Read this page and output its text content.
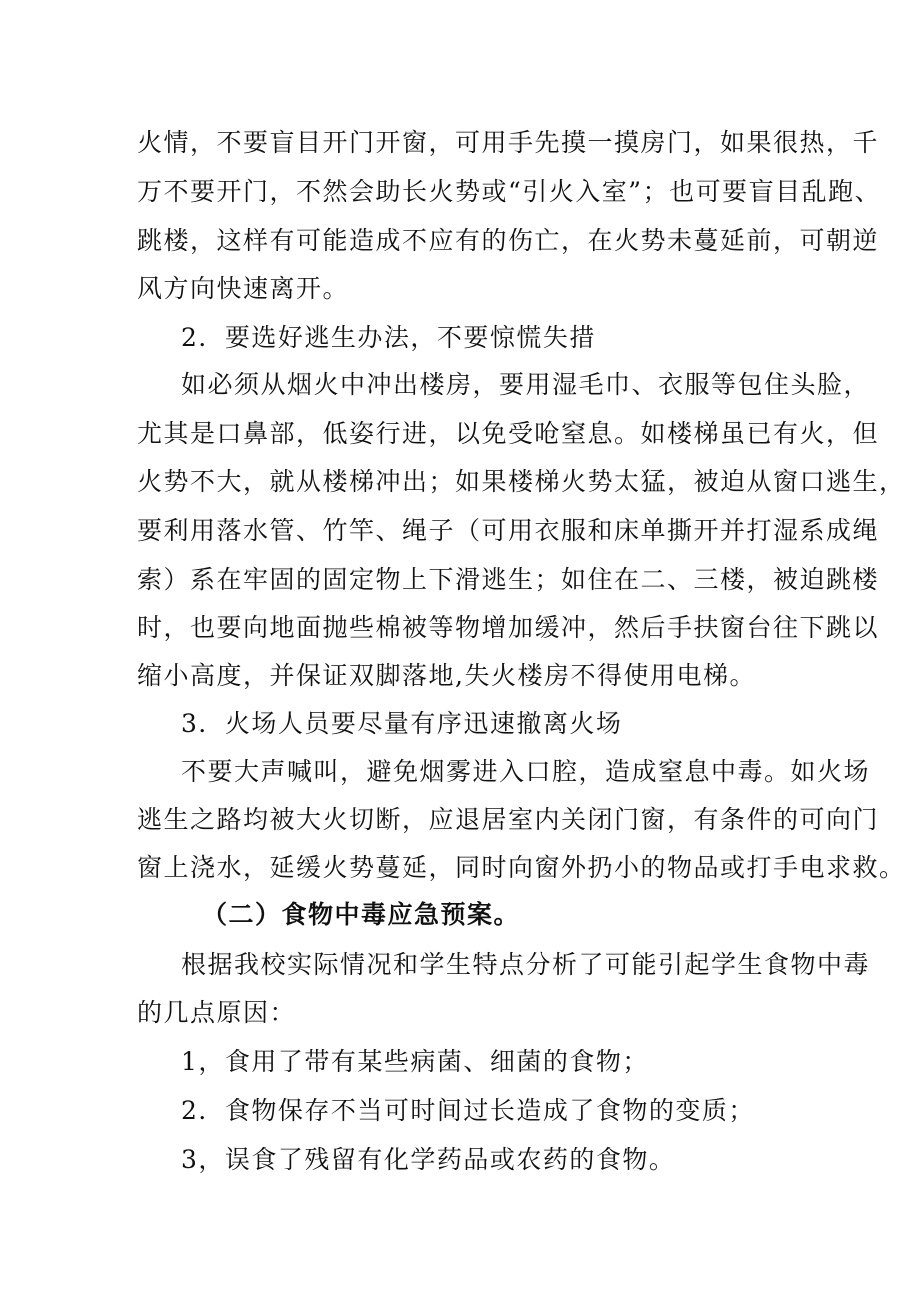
火情，不要盲目开门开窗，可用手先摸一摸房门，如果很热，千
万不要开门，不然会助长火势或“引火入室”；也可要盲目乱跑、
跳楼，这样有可能造成不应有的伤亡，在火势未蔓延前，可朝逆
风方向快速离开。
2．要选好逃生办法，不要惊慌失措
如必须从烟火中冲出楼房，要用湿毛巾、衣服等包住头脸，
尤其是口鼻部，低姿行进，以免受呛窒息。如楼梯虽已有火，但
火势不大，就从楼梯冲出；如果楼梯火势太猛，被迫从窗口逃生，
要利用落水管、竹竿、绳子（可用衣服和床单撕开并打湿系成绳
索）系在牢固的固定物上下滑逃生；如住在二、三楼，被迫跳楼
时，也要向地面抛些棉被等物增加缓冲，然后手扶窗台往下跳以
缩小高度，并保证双脚落地,失火楼房不得使用电梯。
3．火场人员要尽量有序迅速撤离火场
不要大声喊叫，避免烟雾进入口腔，造成窒息中毒。如火场
逃生之路均被大火切断，应退居室内关闭门窗，有条件的可向门
窗上浇水，延缓火势蔓延，同时向窗外扔小的物品或打手电求救。
（二）食物中毒应急预案。
根据我校实际情况和学生特点分析了可能引起学生食物中毒
的几点原因：
1，食用了带有某些病菌、细菌的食物；
2．食物保存不当可时间过长造成了食物的变质；
3，误食了残留有化学药品或农药的食物。
